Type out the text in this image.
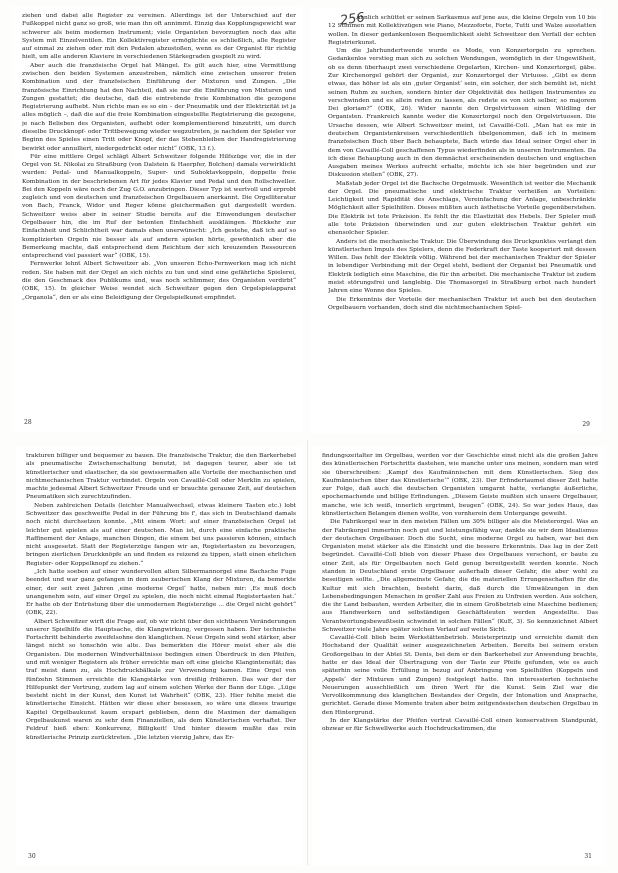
ziehen und dabei alle Register zu vereinen. Allerdings ist der Unterschied auf der Fußkoppel nicht ganz so groß, wie man ihn oft annimmt. Einzig das Kopplungsgewicht war schwerer als beim modernen Instrument; viele Organisten bevorzugten noch das alte System mit Einzelventilen. Ein Kollektivregister ermöglichte es schließlich, alle Register auf einmal zu ziehen oder mit den Pedalen abzustoßen, wenn es der Organist für richtig hielt, um alle anderen Klaviere in verschiedenen Stärkegraden gespielt zu wird.

Aber auch die französische Orgel hat Mängel. Es gilt auch hier, eine Vermittlung zwischen den beiden Systemen anzustreben, nämlich eine zwischen unserer freien Kombination und der französischen Einführung der Mixturen und Zungen. „Die französische Einrichtung hat den Nachteil, daß sie nur die Einführung von Mixturen und Zungen gestattet; die deutsche, daß die eintretende freie Kombination die gezogene Registrierung aufhebt. Nun richte man es so ein – der Pneumatik und der Elektrizität ist ja alles möglich –, daß die auf die freie Kombination eingestellte Registrierung die gezogene, je nach Belieben des Organisten, aufhebt oder komplementierend hinzutritt, um durch dieselbe Druckknopf- oder Trittbewegung wieder wegzutreten, je nachdem der Spieler vor Beginn des Spieles einen Tritt oder Knopf, der das Stehenbleiben der Handregistrierung bewirkt oder annulliert, niedergedrückt oder nicht“ (OBK, 13 f.).

Für eine mittlere Orgel schlägt Albert Schweitzer folgende Hilfszüge vor, die in der Orgel von St. Nikolai zu Straßburg (von Dalstein & Haerpfer, Bolchen) damals verwirklicht wurden: Pedal- und Manualkoppeln, Super- und Suboktavkoppeln, doppelte freie Kombination in der beschriebenen Art für jedes Klavier und Pedal und den Rollschweller. Bei den Koppeln wäre noch der Zug G.O. anzubringen. Dieser Typ ist wertvoll und erprobt zugleich und von deutschen und französischen Orgelbauern anerkannt. Die Orgelliteratur von Bach, Franck, Widor und Reger könne gleichermaßen gut dargestellt werden. Schweitzer weiss aber in seiner Studie bereits auf die Einwendungen deutscher Orgelbauer hin, die im Ruf der betonten Einfachheit auskläingen. Rückkehr zur Einfachheit und Schlichtheit war damals eben unerwünscht: „Ich gestehe, daß ich auf so komplizierten Orgeln nie besser als auf andern spielen hörte, gewöhnlich aber die Bemerkung machte, daß entsprechend dem Reichtum der sich kreuzenden Ressourcen entsprechend viel passiert war“ (OBK, 15).

Fernwerke lehnt Albert Schweitzer ab. „Von unseren Echo-Fernwerken mag ich nicht reden. Sie haben mit der Orgel an sich nichts zu tun und sind eine gefährliche Spielerei, die den Geschmack des Publikums und, was noch schlimmer, des Organisten verdirbt“ (OBK, 15). In gleicher Weise wendet sich Schweitzer gegen den Orgelspielapparat „Organola“, den er als eine Beleidigung der Orgelspielkunst empfindet.

28
256

Ähnlich schüttet er seinen Sarkasmus auf jene aus, die kleine Orgeln von 10 bis 12 Stimmen mit Kollektivzügen wie Piano, Mezzoforte, Forte, Tutti und Walze ausstatten wollen. In dieser gedankenlosen Bequemlichkeit sieht Schweitzer den Verfall der echten Registrierkunst.

Um die Jahrhundertwende wurde es Mode, von Konzertorgeln zu sprechen. Gedankenlos verstieg man sich zu solchen Wendungen, womöglich in der Ungewißheit, ob es denn überhaupt zwei verschiedene Orgelarten, Kirchen- und Konzertorgel, gäbe. Zur Kirchenorgel gehört der Organist, zur Konzertorgel der Virtuose. „Gibt es denn etwas, das höher ist als ein ‚guter Organist‘ sein, ein solcher, der sich bemüht ist, nicht seinen Ruhm zu suchen, sondern hinter der Objektivität des heiligen Instrumentes zu verschwinden und es allein reden zu lassen, als redete es von sich selber, so majorem Dei gloriam?“ (OBK, 26). Wider nannte den Orgelvirtuosen einen Wildling der Organisten. Frankreich kannte weder die Konzertorgel noch den Orgelvirtuosen. Die Ursache dessen, wie Albert Schweitzer meint, ist Cavaillé-Coll. „Man hat es mir in deutschen Organistenkreisen verschiedentlich übelgenommen, daß ich in meinem französischen Buch über Bach behauptete, Bach würde das Ideal seiner Orgel eher in dem von Cavaillé-Coll geschaffenen Typus wiederfinden als in unseren Instrumenten. Da ich diese Behauptung auch in den demnächst erscheinenden deutschen und englischen Ausgaben meines Werkes aufrecht erhalte, möchte ich sie hier begründen und zur Diskussion stellen“ (OBK, 27).

Maßstab jeder Orgel ist die Bachsche Orgelmusik. Wesentlich ist weiter die Mechanik der Orgel. Die pneumatische und elektrische Traktur verheißen an Vorteilen: Leichtigkeit und Rapidität des Anschlags, Vereinfachung der Anlage, unbeschränkte Möglichkeit aller Spielhilfen. Dieses müßten auch ästhetische Vorteile gegenüberstehen. Die Elektrik ist tote Präzision. Es fehlt ihr die Elastizität des Hebels. Der Spieler muß alle tote Präzision überwinden und zur guten elektrischen Traktur gehört ein ebensolcher Spieler.

Anders ist die mechanische Traktur. Die Überwindung des Druckpunktes verlangt den künstlerischen Impuls des Spielers, denn die Federkraft der Taste kooperiert mit dessen Willen. Das fehlt der Elektrik völlig. Während bei der mechanischen Traktur der Spieler in lebendiger Verbindung mit der Orgel steht, bedient der Organist bei Pneumatik und Elektrik lediglich eine Maschine, die für ihn arbeitet. Die mechanische Traktur ist zudem meist störungsfrei und langlebig. Die Thomasorgel in Straßburg erbot nach hundert Jahren eine Wonne des Spieles.

Die Erkenntnis der Vorteile der mechanischen Traktur ist auch bei den deutschen Orgelbauern vorhanden, doch sind die nichtmechanischen Spiel-

29

trakturen billiger und bequemer zu bauen. Die französische Traktur, die den Barkerhebel als pneumatische Zwischenschaltung benutzt, ist dagegen teurer, aber sie ist künstlerischer und elastischer, da sie gewissermaßen alle Vorteile der mechanischen und nichtmechanischen Traktur verbindet. Orgeln von Cavaillé-Coll oder Merklin zu spielen, machte jedesmal Albert Schweitzer Freude und er brauchte gerauме Zeit, auf deutschen Pneumatiken sich zurechtzufinden.

Neben zahlreichen Details (leichter Manualwechsel, etwas kleinere Tasten etc.) lobt Schweitzer das geschweifte Pedal in der Führung bis f', das sich in Deutschland damals noch nicht durchsetzen konnte. „Mit einem Wort: auf einer französischen Orgel ist leichter gut spielen als auf einer deutschen. Man ist, durch eine einfache praktische Raffinement der Anlage, manchen Dingen, die einem bei uns passieren können, einfach nicht ausgesetzt. Statt der Registerzüge fangen wir an, Registertasten zu bevorzugen, bringen zierlichen Druckknöpfe an und finden es reizend zu tippen, statt einen ehrlichen Register- oder Koppelknopf zu ziehen.“

„Ich hatte soeben auf einer wundervollen alten Silbermannorgel eine Bachsche Fuge beendet und war ganz gefangen in dem zauberischen Klang der Mixturen, da bemerkte einer, der seit zwei Jahren ‚eine moderne Orgel‘ hatte, neben mir: ‚Es muß doch unangenehm sein, auf einer Orgel zu spielen, die noch nicht einmal Registertasten hat.‘ Er hatte ob der Entrüstung über die unmodernen Registerzüge ... die Orgel nicht gehört“ (OBK, 22).

Albert Schweitzer wirft die Frage auf, ob wir nicht über den sichtbaren Veränderungen unserer Spielhilfe die Hauptsache, die Klangwirkung, vergessen haben. Der technische Fortschritt behinderte zweifelsohne den klanglichen. Neue Orgeln sind wohl stärker, aber längst nicht so tonschön wie alte. Das bemerkten die Hörer meist eher als die Organisten. Die modernen Windverhältnisse bedingen einen Überdruck in den Pfeifen, und mit weniger Registern als früher erreichte man oft eine gleiche Klangintensität; das traf meist dann zu, als Hochdruckbälkale zur Verwendung kamen. Eine Orgel von fünfzehn Stimmen erreichte die Klangstärke von dreißig früheren. Das war der der Hilfepunkt der Vertrung, zudem lag auf einem solchen Werke der Bann der Lüge. „Lüge besteht nicht in der Kunst, den Kunst ist Wahrheit“ (OBK, 23). Hier fehlte meist die künstlerische Einsicht. Hätten wir diese eher besessen, so wäre uns dieses traurige Kapitel Orgelbaukunst kaum erspart geblieben, denn die Maximen der damaligen Orgelbaukunst waren zu sehr dem Finanziellen, als dem Künstlerischen verhaftet. Der Feldruf hieß eben: Konkurrenz, Billigkeit! Und hinter diesem mußte das rein künstlerische Prinzip zurücktreten. „Die letzten vierzig Jahre, das Er-

30

findungszeitalter im Orgelbau, werden vor der Geschichte einst nicht als die großen Jahre des künstlerischen Fortschritts dastehen, wie manche unter uns meinen, sondern man wird sie überschreiben: ‚Kampf des Kaufmännischen mit dem Künstlerischen. Sieg des Kaufmännischen über das Künstlerische‘“ (OBK, 23). Der Erfindertaumel dieser Zeit hatte zur Folge, daß auch die deutschen Organisten umgarnt hatte, verlangte äußerliche, epochemachende und billige Erfindungen. „Diesem Geiste mußten sich unsere Orgelbauer, manche, wie ich weiß, innerlich ergrimmt, beugen“ (OBK, 24). So war jedes Haus, das künstlerischen Belangen dienen wollte, von vornherein dem Untergange geweiht.

Die Fabrikorgel war in den meisten Fällen um 30% billiger als die Meisterorgel. Was an der Fabrikorgel immerhin noch gut und leistungsfähig war, dankte sie wir dem Idealismus der deutschen Orgelbauer. Doch die Sucht, eine moderne Orgel zu haben, war bei den Organisten meist stärker als die Einsicht und die bessere Erkenntnis. Das lag in der Zeit begründet. Cavaillé-Coll blieb von dieser Phase des Orgelbaues verschont, er baute zu einer Zeit, als für Orgelbauten noch Geld genug bereitgestellt werden konnte. Noch standen in Deutschland erste Orgelbauer außerhalb dieser Gefahr, die aber wohl zu beseitigen sollte. „Die allgemeinste Gefahr, die die materiellen Errungenschaften für die Kultur mit sich brachten, besteht darin, daß durch die Umwälzungen in den Lebensbedingungen Menschen in großer Zahl aus Freien zu Unfreien werden. Aus solchen, die ihr Land bebauten, werden Arbeiter, die in einem Großbetrieb eine Maschine bedienen; aus Handwerkern und selbständigen Geschäftsleuten werden Angestellte. Das Verantwortungsbewußtsein schwindet in solchen Fällen“ (KuE, 3). So kennzeichnet Albert Schweitzer viele Jahre später solchen Verlauf auf weite Sicht.

Cavaillé-Coll blieb beim Werkstättenbetrieb. Meisterprinzip und erreichte damit den Hochstand der Qualität seiner ausgezeichneten Arbeiten. Bereits bei seinem ersten Großorgelbau in der Abtei St. Denis, bei dem er den Barkerhebel zur Anwendung brachte, hatte er das Ideal der Übertragung von der Taste zur Pfeife gefunden, wie es auch späterhin seine volle Erfüllung in bezug auf Anbringung von Spielhilfen (Koppeln und ‚Appels‘ der Mixturen und Zungen) festgelegt hatte. Ihn interessierten technische Neuerungen ausschließlich um ihren Wert für die Kunst. Sein Ziel war die Vervollkommnung des klanglichen Bestandes der Orgeln, der Intonation und Ansprache, gerichtet. Gerade diese Momente traten aber beim zeitgenössischen deutschen Orgelbau in den Hintergrund.

In der Klangstärke der Pfeifen vertrat Cavaillé-Coll einen konservativen Standpunkt, obzwar er für Schwellwerke auch Hochdruckstimmen, die

31
